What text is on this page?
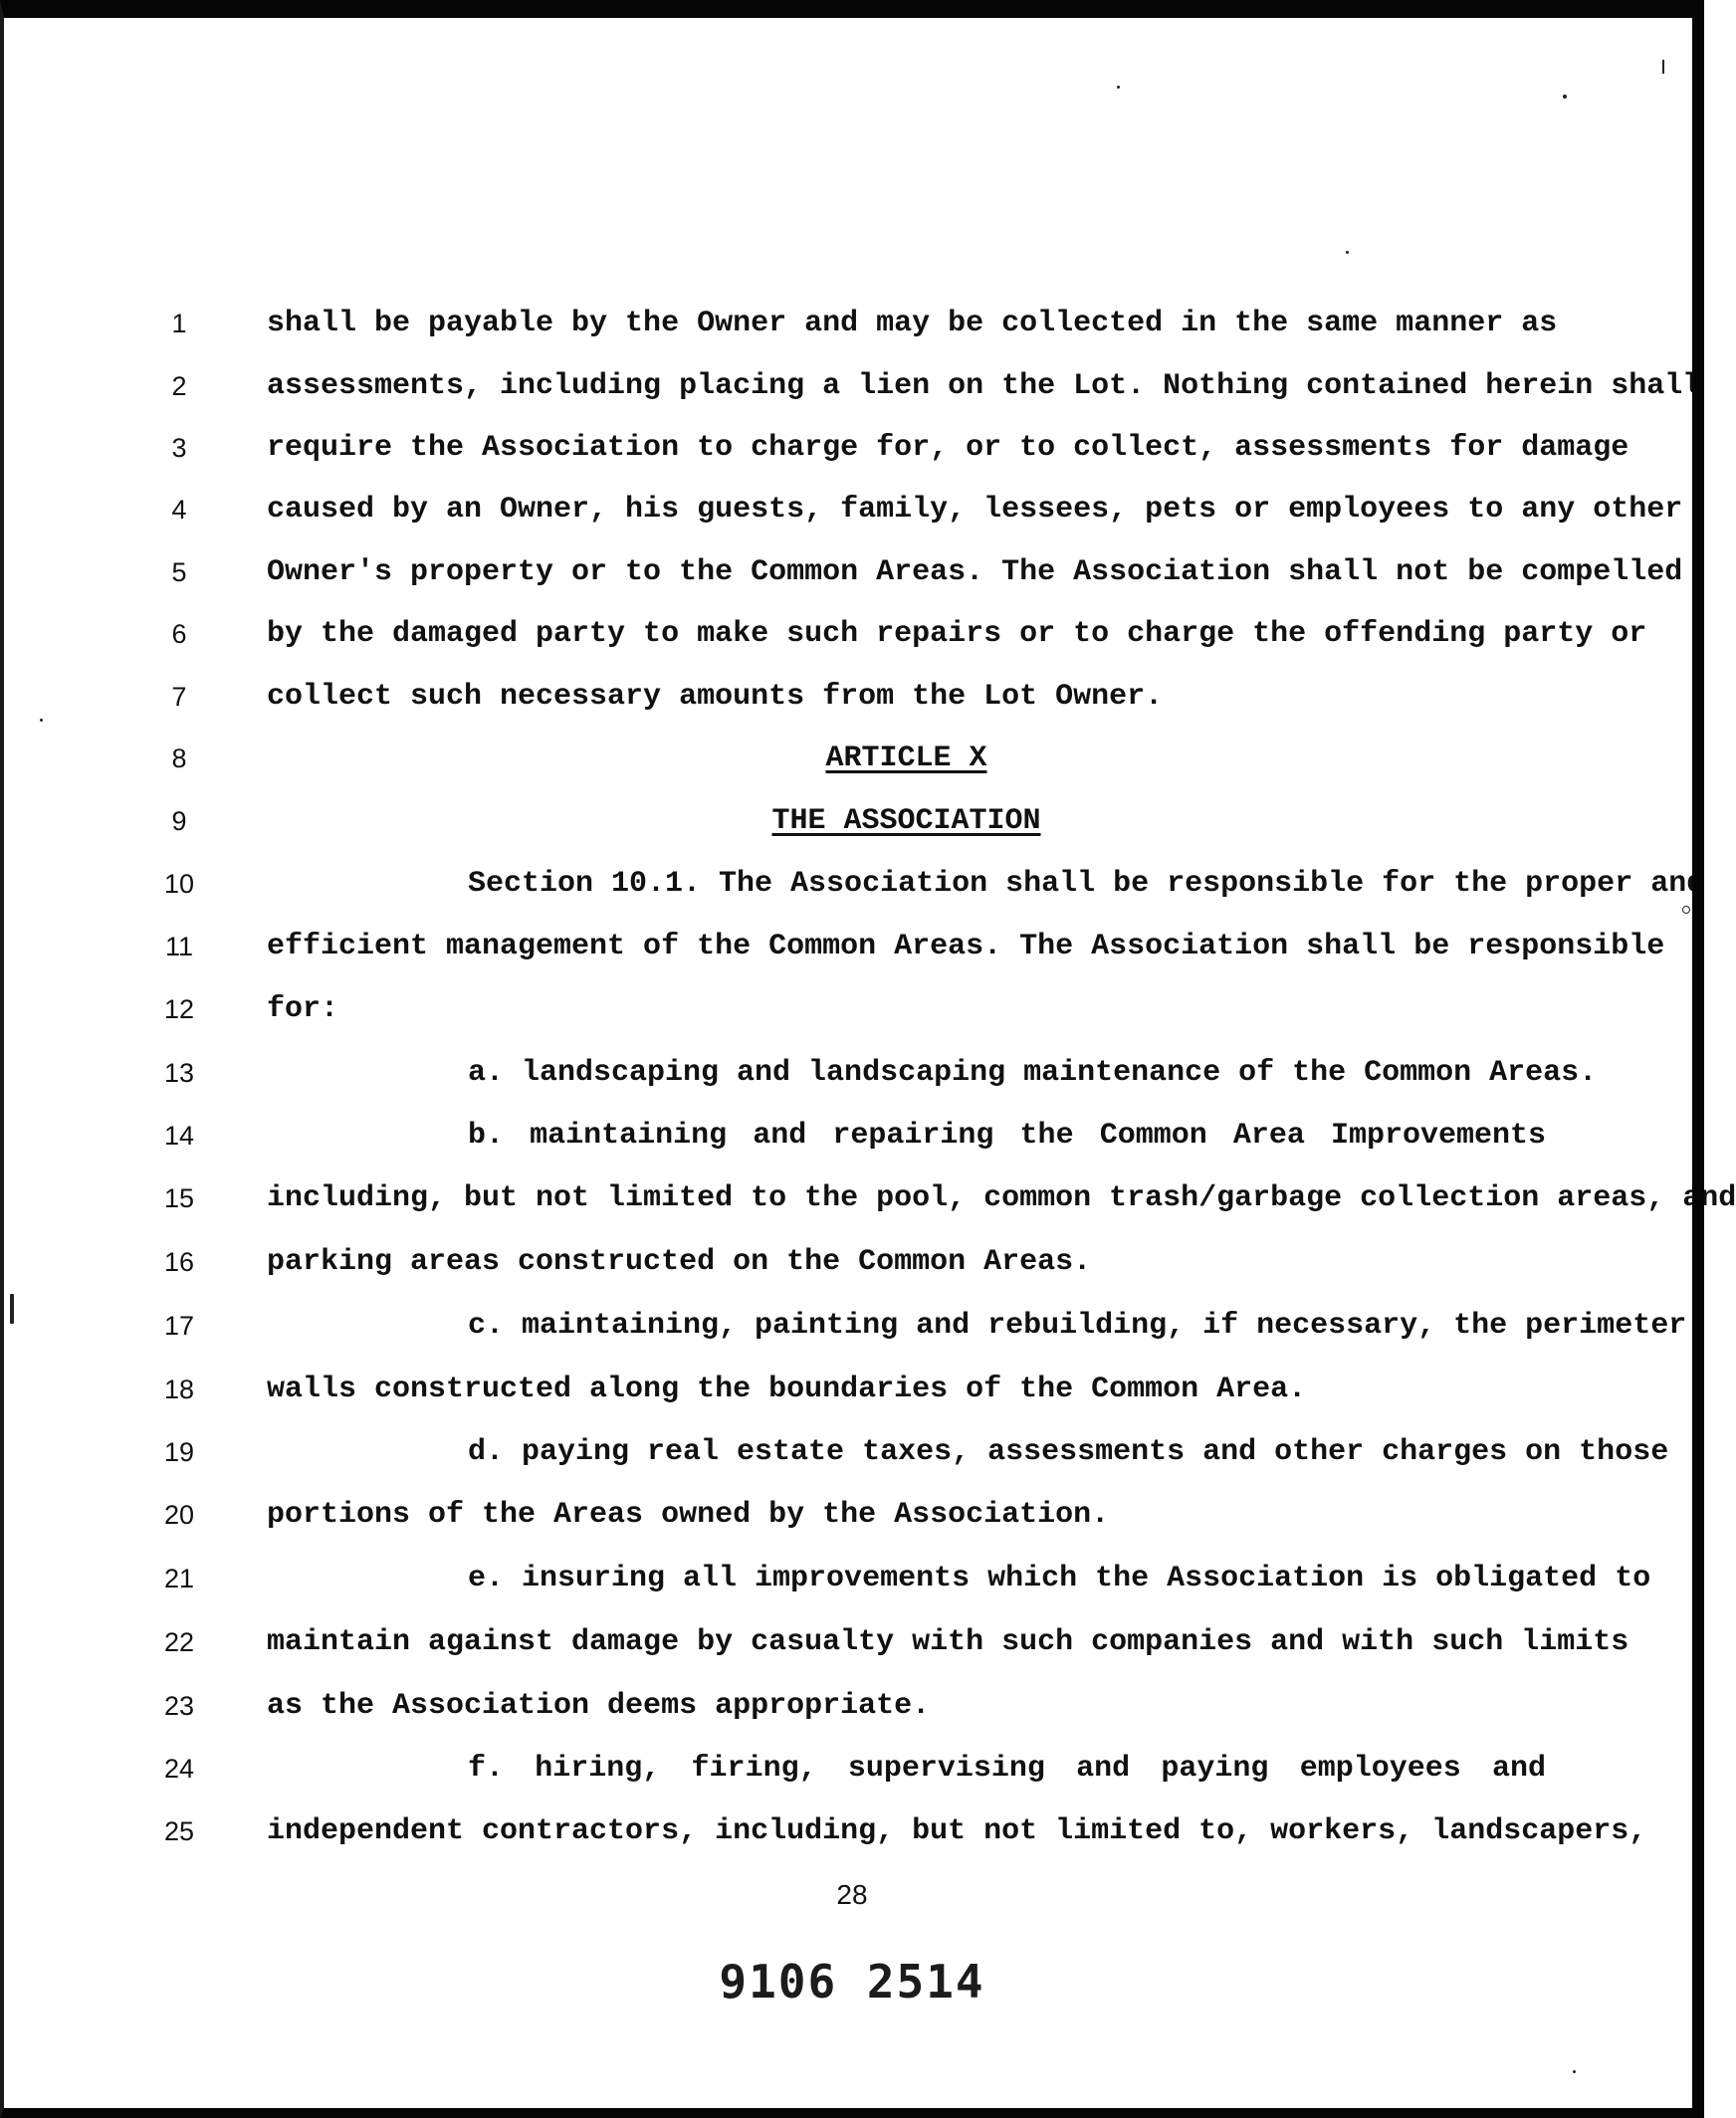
1	shall be payable by the Owner and may be collected in the same manner as
2	assessments, including placing a lien on the Lot. Nothing contained herein shall
3	require the Association to charge for, or to collect, assessments for damage
4	caused by an Owner, his guests, family, lessees, pets or employees to any other
5	Owner's property or to the Common Areas. The Association shall not be compelled
6	by the damaged party to make such repairs or to charge the offending party or
7	collect such necessary amounts from the Lot Owner.
8	ARTICLE X
9	THE ASSOCIATION
10	Section 10.1. The Association shall be responsible for the proper and
11	efficient management of the Common Areas. The Association shall be responsible
12	for:
13	a. landscaping and landscaping maintenance of the Common Areas.
14	b. maintaining and repairing the Common Area Improvements
15	including, but not limited to the pool, common trash/garbage collection areas, and
16	parking areas constructed on the Common Areas.
17	c. maintaining, painting and rebuilding, if necessary, the perimeter
18	walls constructed along the boundaries of the Common Area.
19	d. paying real estate taxes, assessments and other charges on those
20	portions of the Areas owned by the Association.
21	e. insuring all improvements which the Association is obligated to
22	maintain against damage by casualty with such companies and with such limits
23	as the Association deems appropriate.
24	f. hiring, firing, supervising and paying employees and
25	independent contractors, including, but not limited to, workers, landscapers,
28
9106 2514
